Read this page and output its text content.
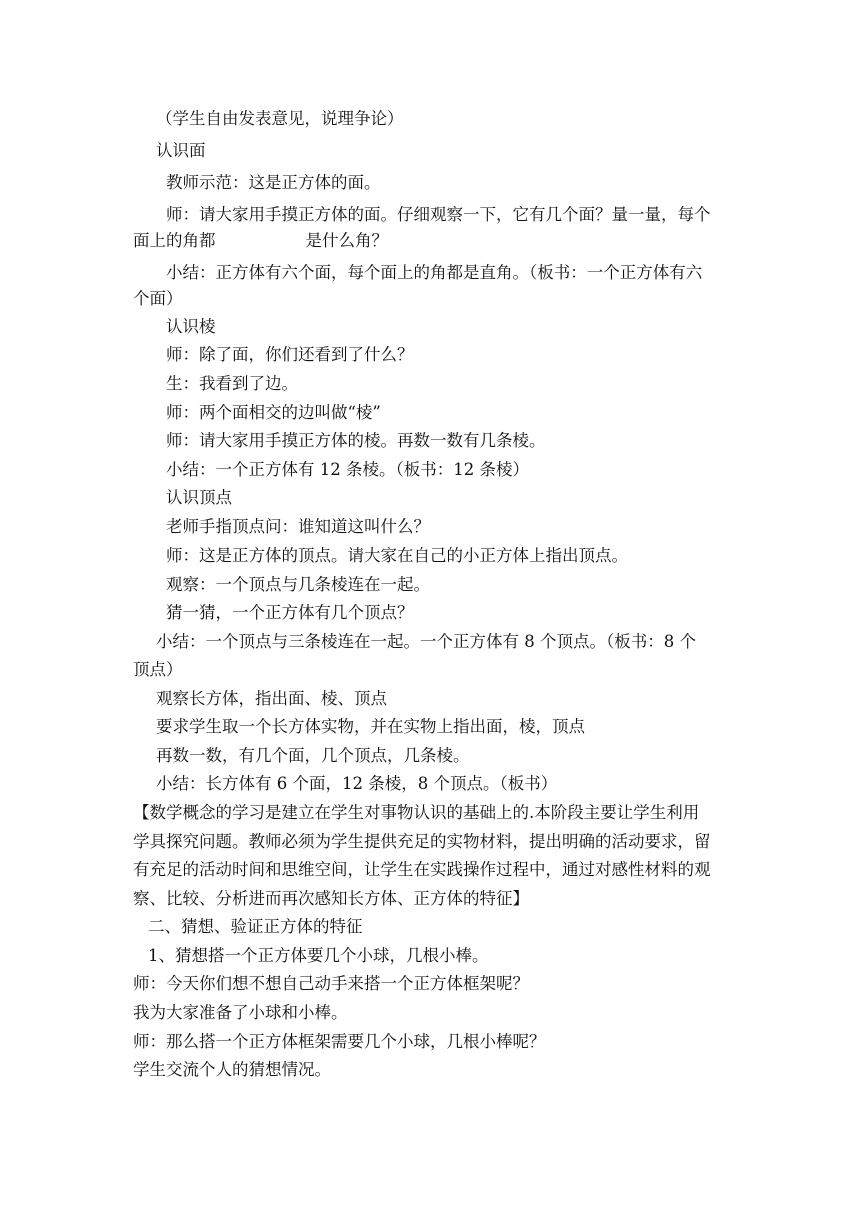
（学生自由发表意见，说理争论）
认识面
教师示范：这是正方体的面。
师：请大家用手摸正方体的面。仔细观察一下，它有几个面？量一量，每个
面上的角都	是什么角？
小结：正方体有六个面，每个面上的角都是直角。（板书：一个正方体有六
个面）
认识棱
师：除了面，你们还看到了什么？
生：我看到了边。
师：两个面相交的边叫做“棱”
师：请大家用手摸正方体的棱。再数一数有几条棱。
小结：一个正方体有 12 条棱。（板书：12 条棱）
认识顶点
老师手指顶点问：谁知道这叫什么？
师：这是正方体的顶点。请大家在自己的小正方体上指出顶点。
观察：一个顶点与几条棱连在一起。
猜一猜，一个正方体有几个顶点？
小结：一个顶点与三条棱连在一起。一个正方体有 8 个顶点。（板书：8 个
顶点）
观察长方体，指出面、棱、顶点
要求学生取一个长方体实物，并在实物上指出面，棱，顶点
再数一数，有几个面，几个顶点，几条棱。
小结：长方体有 6 个面，12 条棱，8 个顶点。（板书）
【数学概念的学习是建立在学生对事物认识的基础上的.本阶段主要让学生利用
学具探究问题。教师必须为学生提供充足的实物材料，提出明确的活动要求，留
有充足的活动时间和思维空间，让学生在实践操作过程中，通过对感性材料的观
察、比较、分析进而再次感知长方体、正方体的特征】
二、猜想、验证正方体的特征
1、猜想搭一个正方体要几个小球，几根小棒。
师：今天你们想不想自己动手来搭一个正方体框架呢？
我为大家准备了小球和小棒。
师：那么搭一个正方体框架需要几个小球，几根小棒呢？
学生交流个人的猜想情况。
